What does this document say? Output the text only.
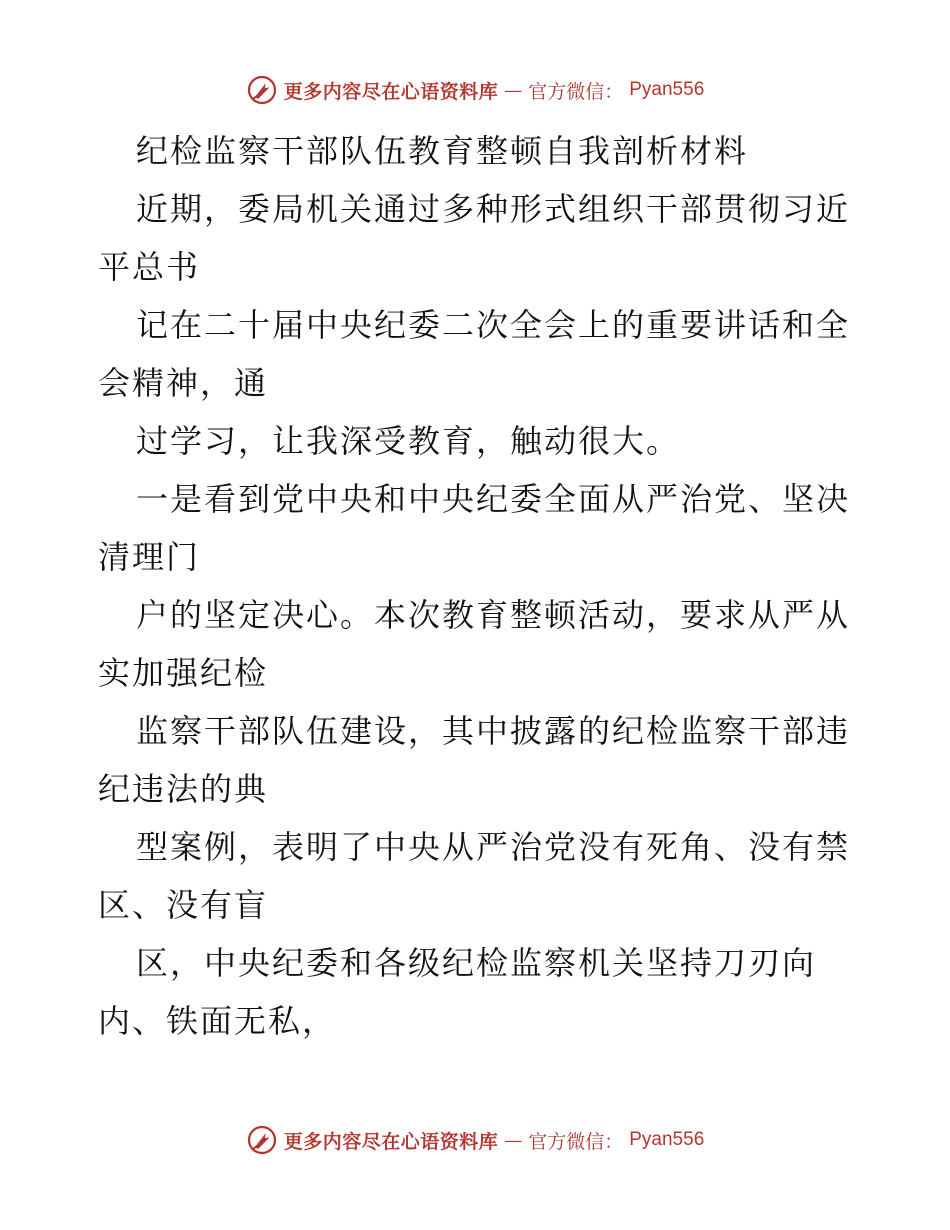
更多内容尽在心语资料库 — 官方微信： Pyan556
纪检监察干部队伍教育整顿自我剖析材料
近期，委局机关通过多种形式组织干部贯彻习近
平总书
记在二十届中央纪委二次全会上的重要讲话和全
会精神，通
过学习，让我深受教育，触动很大。
一是看到党中央和中央纪委全面从严治党、坚决
清理门
户的坚定决心。本次教育整顿活动，要求从严从
实加强纪检
监察干部队伍建设，其中披露的纪检监察干部违
纪违法的典
型案例，表明了中央从严治党没有死角、没有禁
区、没有盲
区，中央纪委和各级纪检监察机关坚持刀刃向
内、铁面无私，
更多内容尽在心语资料库 — 官方微信： Pyan556
